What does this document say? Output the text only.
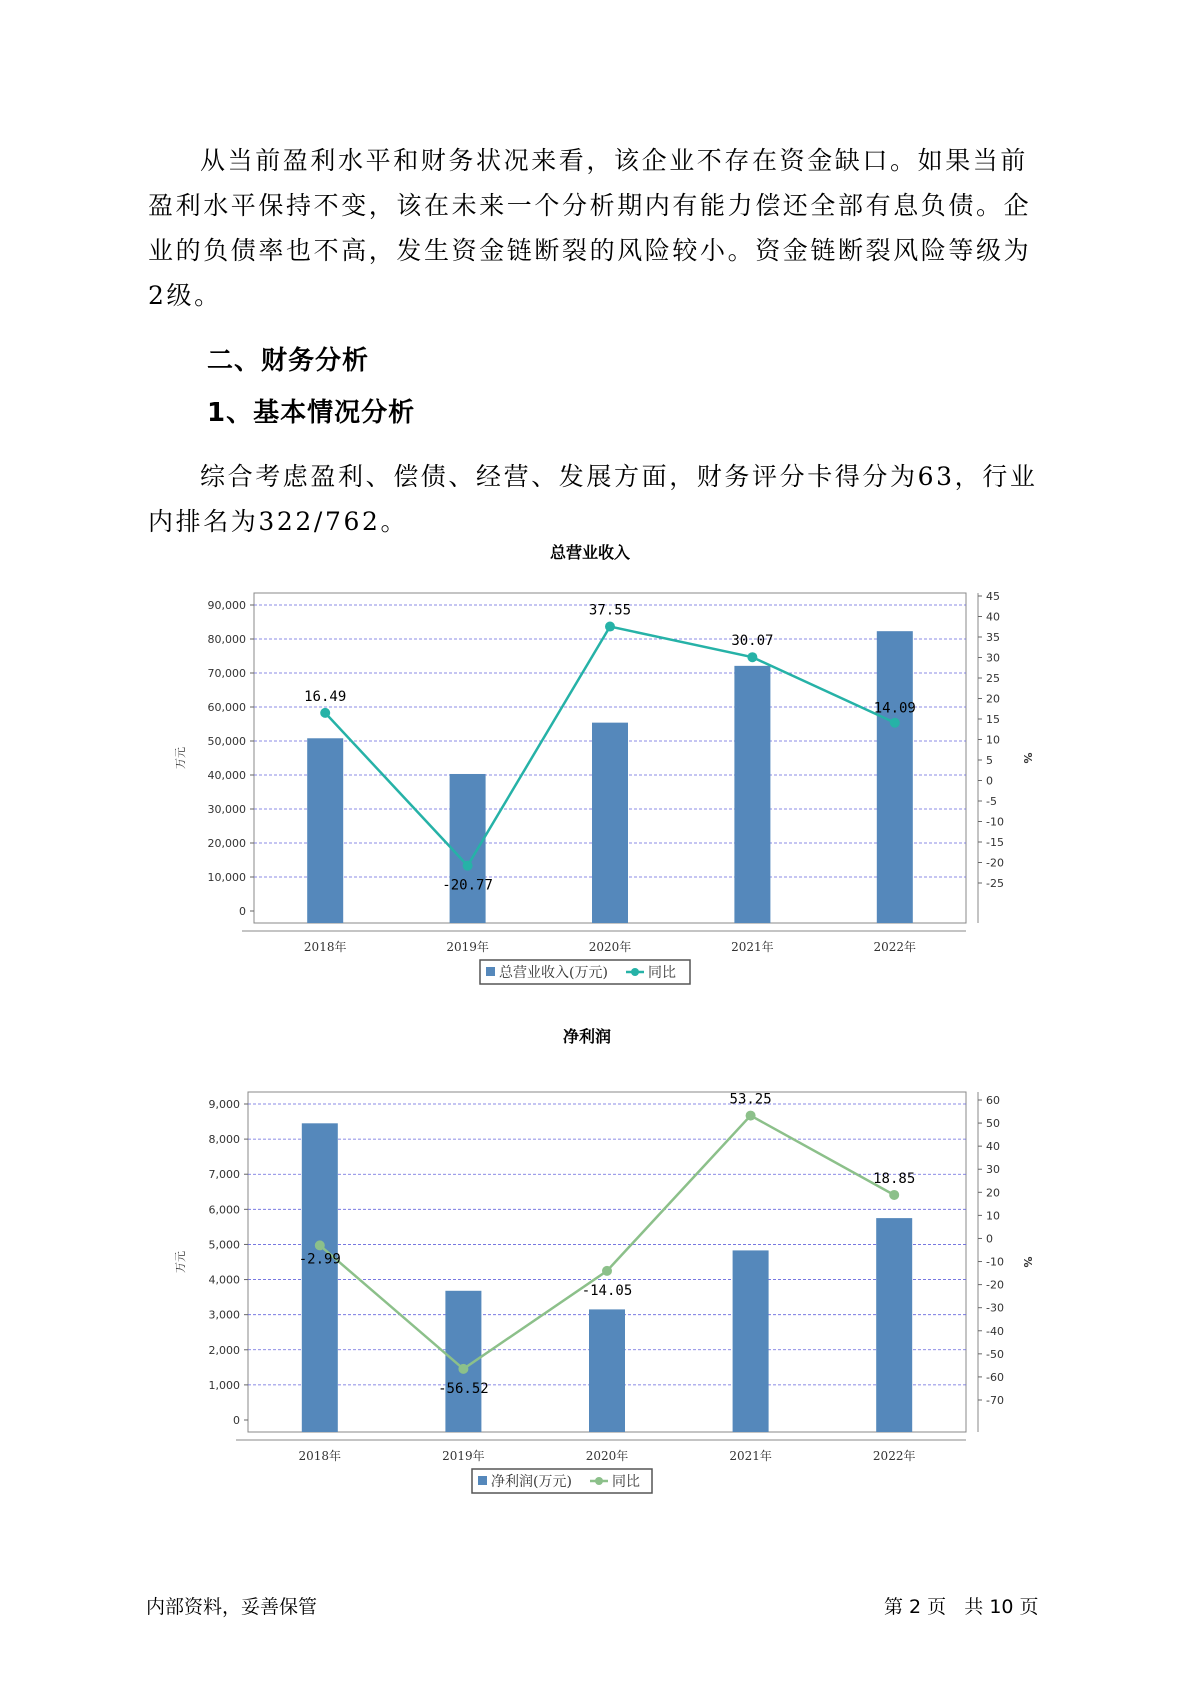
从当前盈利水平和财务状况来看，该企业不存在资金缺口。如果当前盈利水平保持不变，该在未来一个分析期内有能力偿还全部有息负债。企业的负债率也不高，发生资金链断裂的风险较小。资金链断裂风险等级为2级。

二、财务分析
1、基本情况分析

综合考虑盈利、偿债、经营、发展方面，财务评分卡得分为63，行业内排名为322/762。

总营业收入
0
10,000
20,000
30,000
40,000
50,000
60,000
70,000
80,000
90,000
45
40
35
30
25
20
15
10
5
0
-5
-10
-15
-20
-25
万元	%
2018年	2019年	2020年	2021年	2022年
16.49
-20.77
37.55
30.07
14.09
总营业收入(万元)	同比
净利润
0
1,000
2,000
3,000
4,000
5,000
6,000
7,000
8,000
9,000	60
50
40
30
20
10
0
-10
-20
-30
-40
-50
-60
-70
万元	%
2018年	2019年	2020年	2021年	2022年
-2.99
-56.52
-14.05
53.25
18.85
净利润(万元)	同比
内部资料，妥善保管	第 2 页   共 10 页
